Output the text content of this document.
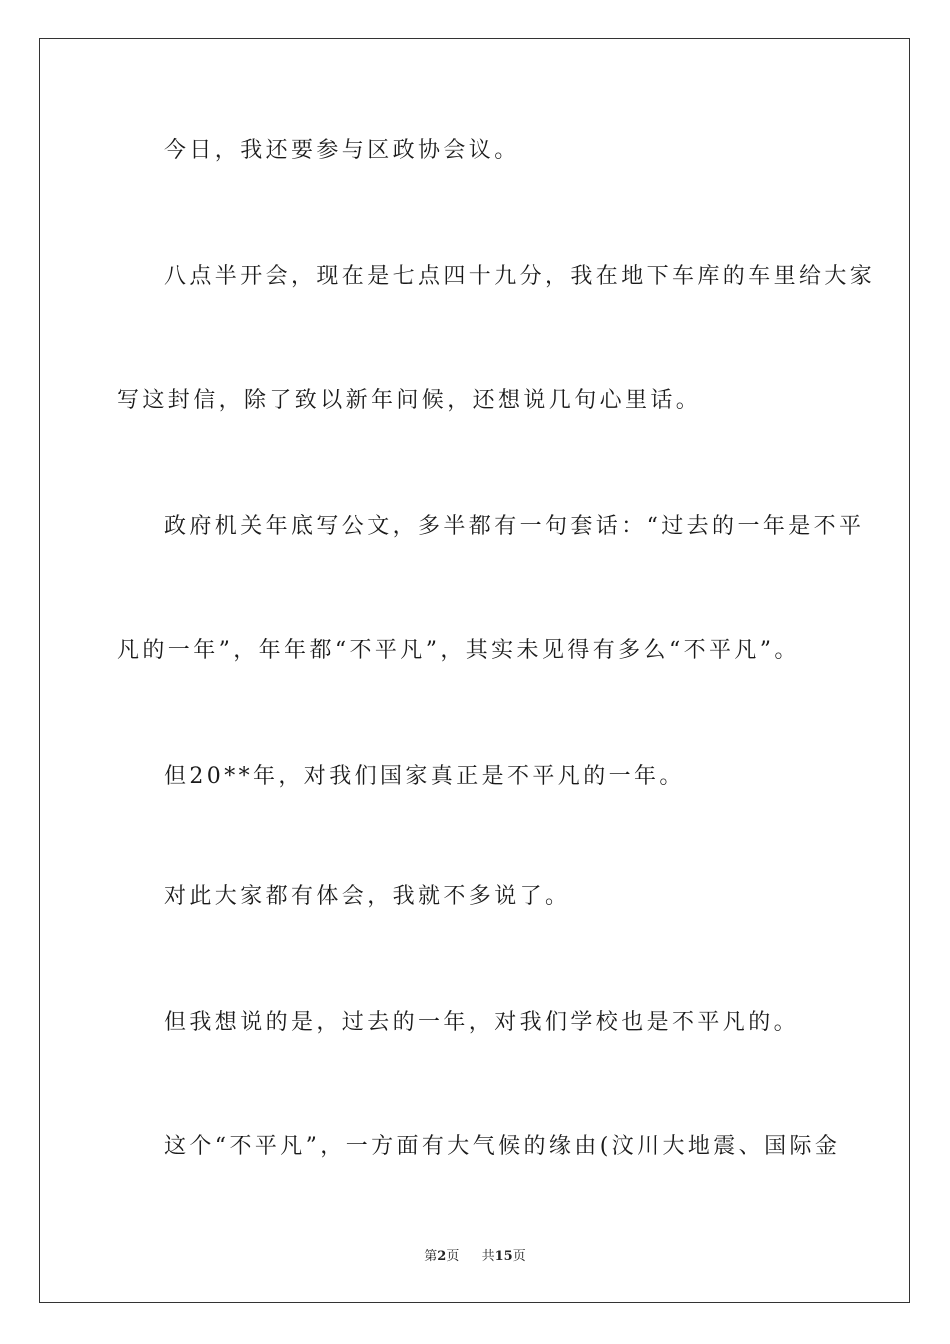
今日，我还要参与区政协会议。
八点半开会，现在是七点四十九分，我在地下车库的车里给大家
写这封信，除了致以新年问候，还想说几句心里话。
政府机关年底写公文，多半都有一句套话：“过去的一年是不平
凡的一年”，年年都“不平凡”，其实未见得有多么“不平凡”。
但20**年，对我们国家真正是不平凡的一年。
对此大家都有体会，我就不多说了。
但我想说的是，过去的一年，对我们学校也是不平凡的。
这个“不平凡”，一方面有大气候的缘由(汶川大地震、国际金
第2页 共15页
